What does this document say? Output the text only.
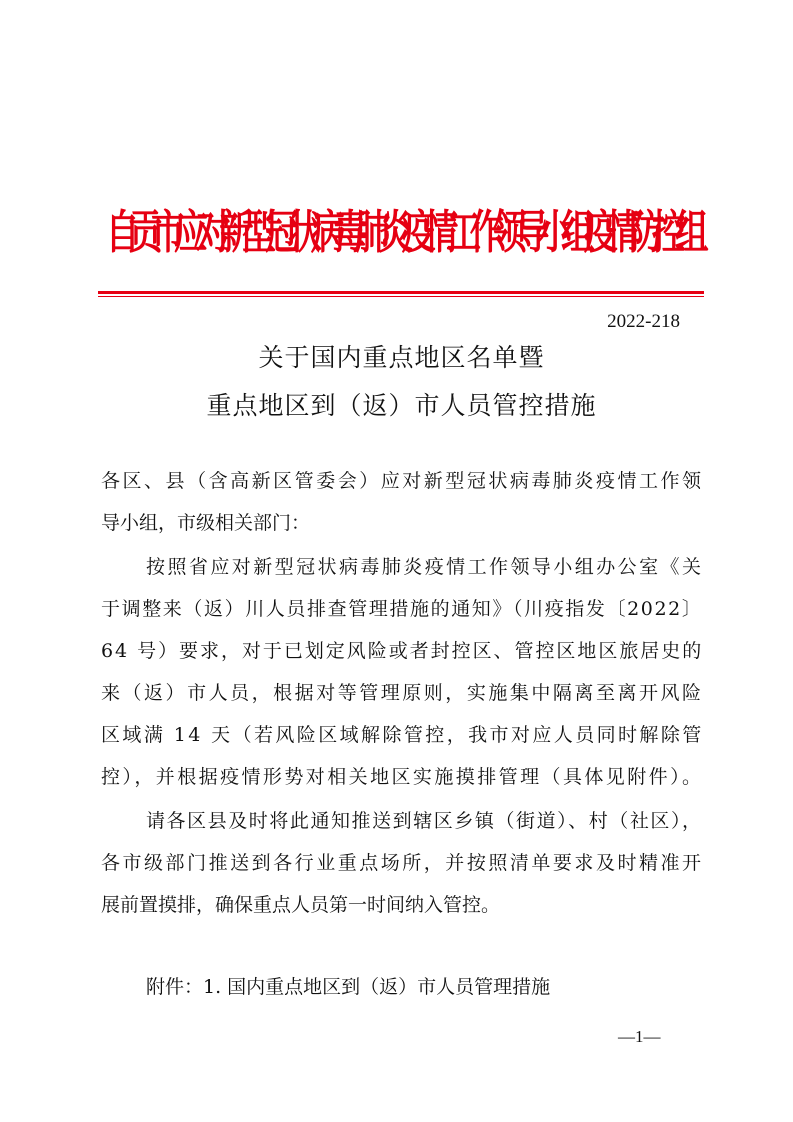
自贡市应对新型冠状病毒肺炎疫情工作领导小组疫情防控组
2022-218
关于国内重点地区名单暨
重点地区到（返）市人员管控措施
各区、县（含高新区管委会）应对新型冠状病毒肺炎疫情工作领
导小组，市级相关部门：
按照省应对新型冠状病毒肺炎疫情工作领导小组办公室《关
于调整来（返）川人员排查管理措施的通知》（川疫指发〔2022〕
64 号）要求，对于已划定风险或者封控区、管控区地区旅居史的
来（返）市人员，根据对等管理原则，实施集中隔离至离开风险
区域满 14 天（若风险区域解除管控，我市对应人员同时解除管
控），并根据疫情形势对相关地区实施摸排管理（具体见附件）。
请各区县及时将此通知推送到辖区乡镇（街道）、村（社区），
各市级部门推送到各行业重点场所，并按照清单要求及时精准开
展前置摸排，确保重点人员第一时间纳入管控。
附件：1. 国内重点地区到（返）市人员管理措施
—1—
